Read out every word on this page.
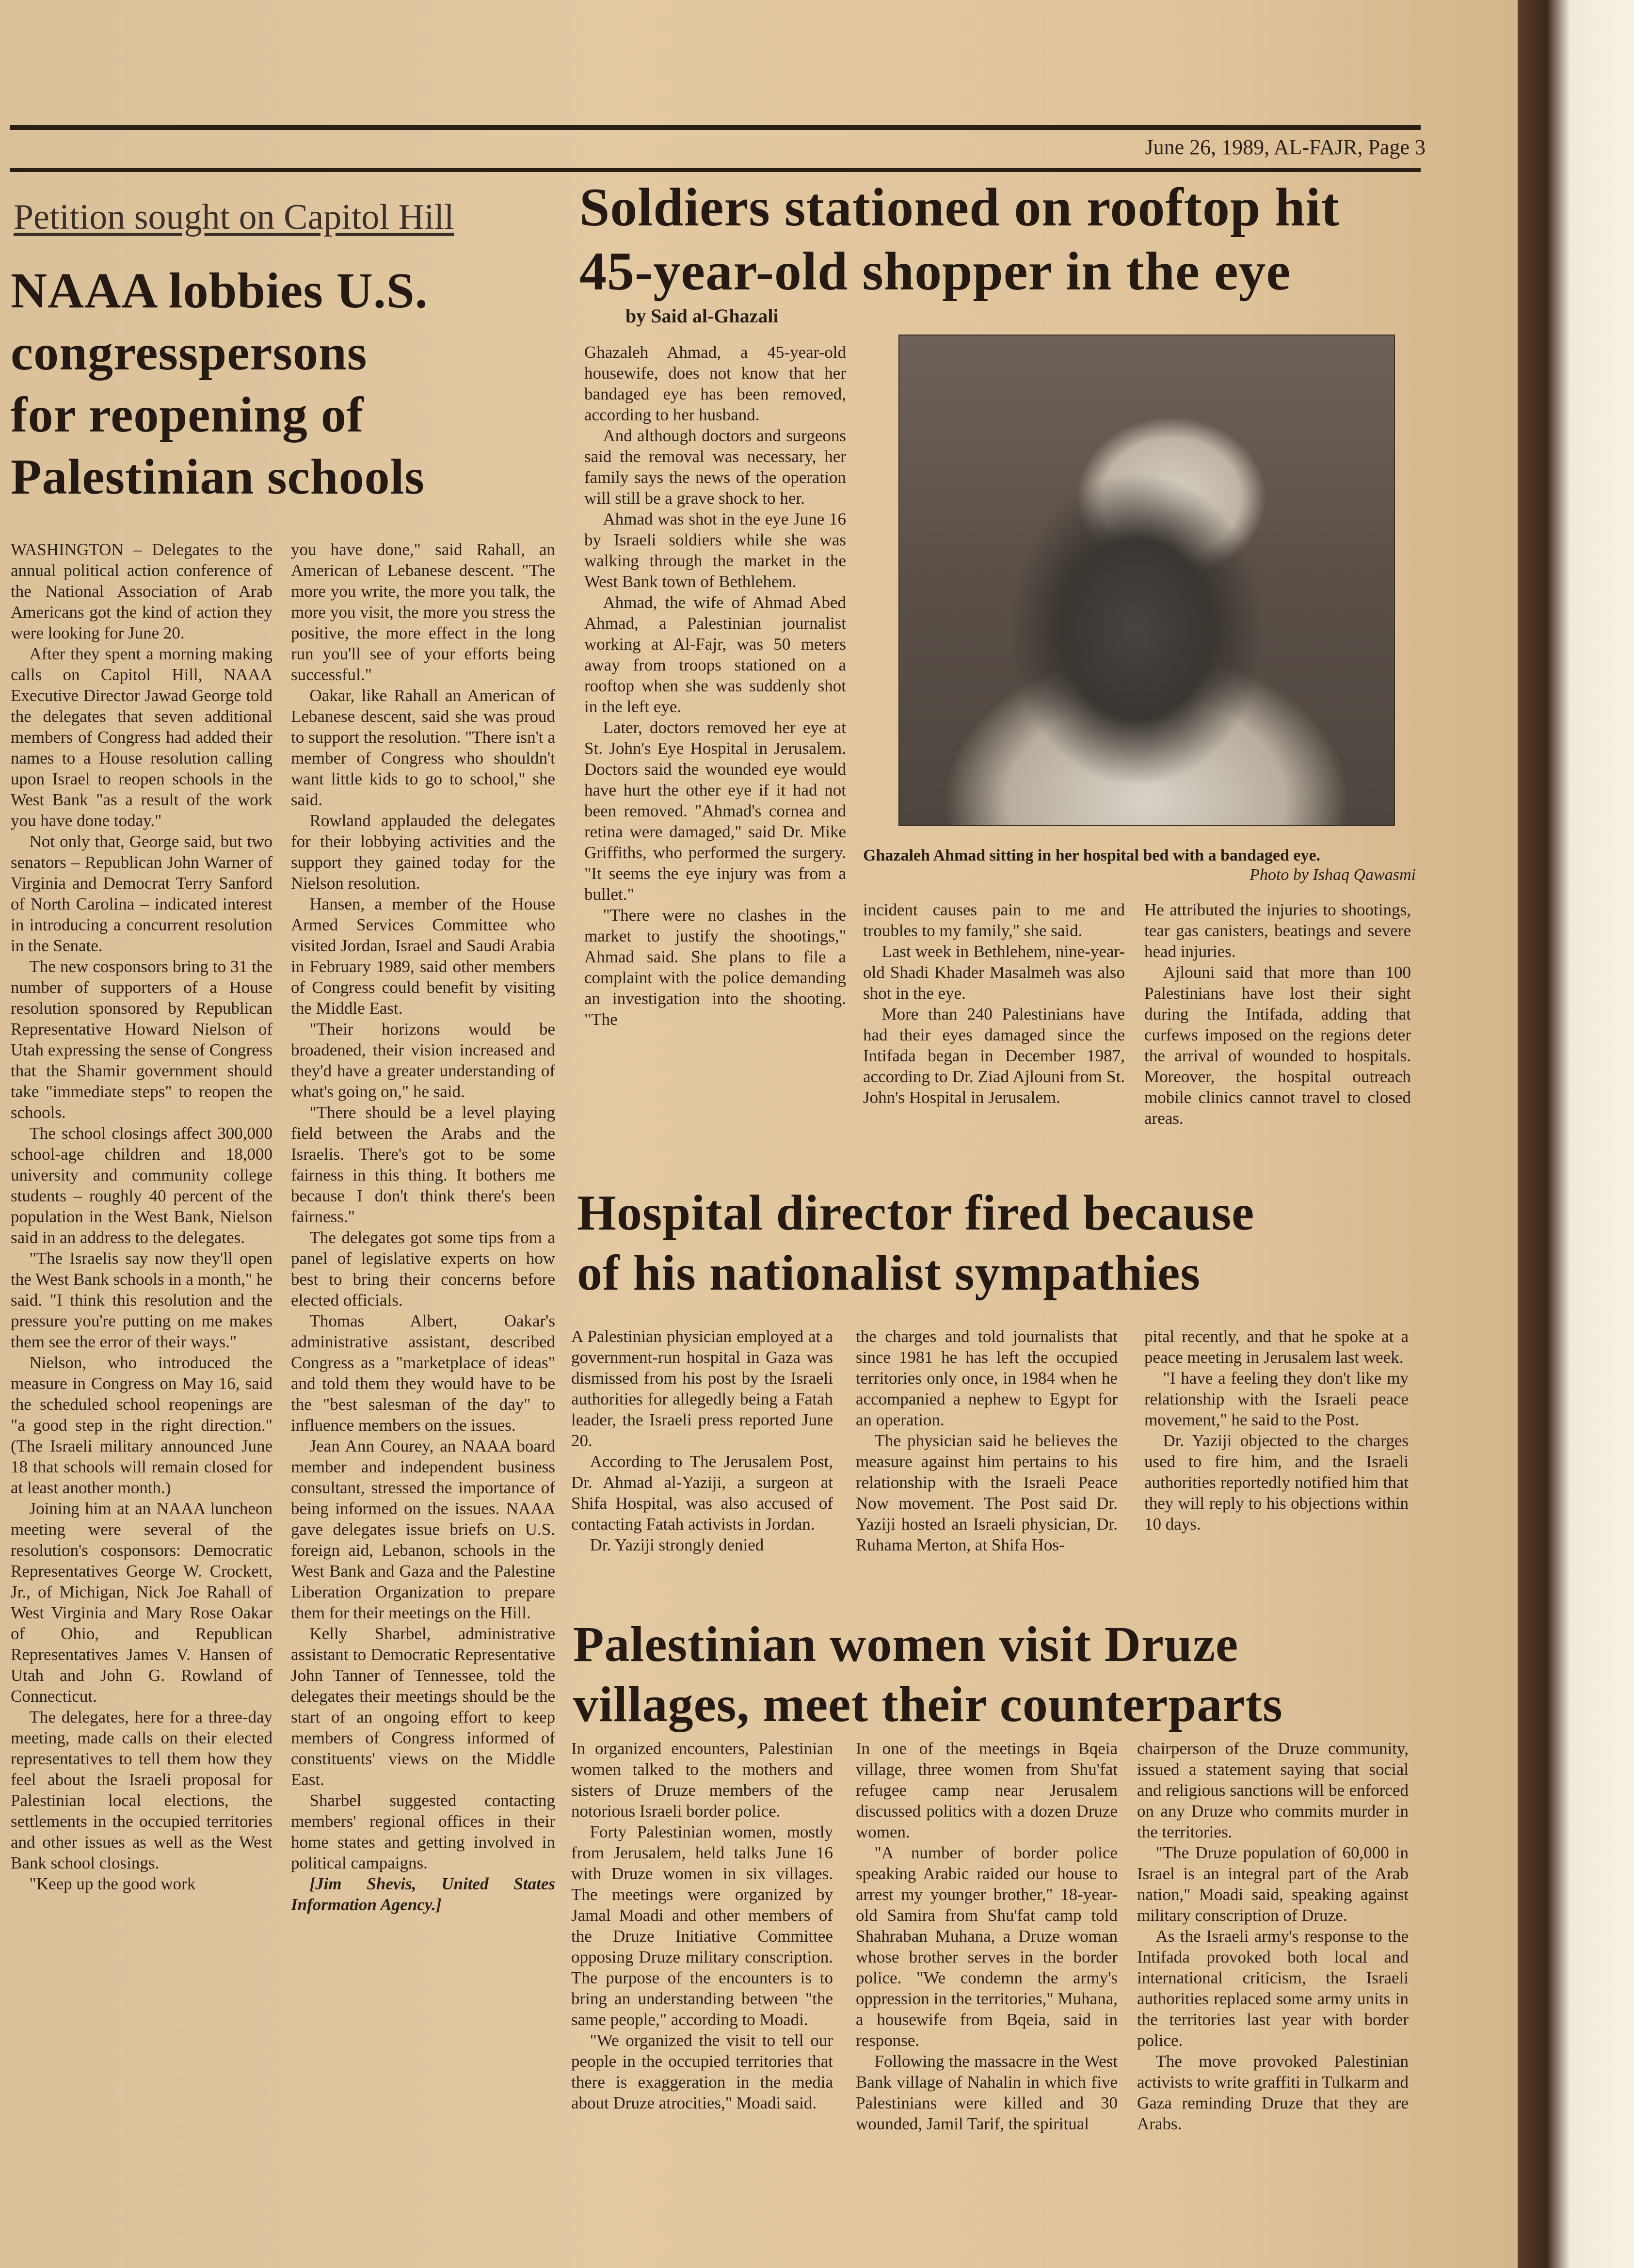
June 26, 1989, AL-FAJR, Page 3
Petition sought on Capitol Hill
NAAA lobbies U.S.
congresspersons
for reopening of
Palestinian schools

WASHINGTON – Delegates to the annual political action conference of the National Association of Arab Americans got the kind of action they were looking for June 20.

After they spent a morning making calls on Capitol Hill, NAAA Executive Director Jawad George told the delegates that seven additional members of Congress had added their names to a House resolution calling upon Israel to reopen schools in the West Bank "as a result of the work you have done today."

Not only that, George said, but two senators – Republican John Warner of Virginia and Democrat Terry Sanford of North Carolina – indicated interest in introducing a concurrent resolution in the Senate.

The new cosponsors bring to 31 the number of supporters of a House resolution sponsored by Republican Representative Howard Nielson of Utah expressing the sense of Congress that the Shamir government should take "immediate steps" to reopen the schools.

The school closings affect 300,000 school-age children and 18,000 university and community college students – roughly 40 percent of the population in the West Bank, Nielson said in an address to the delegates.

"The Israelis say now they'll open the West Bank schools in a month," he said. "I think this resolution and the pressure you're putting on me makes them see the error of their ways."

Nielson, who introduced the measure in Congress on May 16, said the scheduled school reopenings are "a good step in the right direction." (The Israeli military announced June 18 that schools will remain closed for at least another month.)

Joining him at an NAAA luncheon meeting were several of the resolution's cosponsors: Democratic Representatives George W. Crockett, Jr., of Michigan, Nick Joe Rahall of West Virginia and Mary Rose Oakar of Ohio, and Republican Representatives James V. Hansen of Utah and John G. Rowland of Connecticut.

The delegates, here for a three-day meeting, made calls on their elected representatives to tell them how they feel about the Israeli proposal for Palestinian local elections, the settlements in the occupied territories and other issues as well as the West Bank school closings.

"Keep up the good work

you have done," said Rahall, an American of Lebanese descent. "The more you write, the more you talk, the more you visit, the more you stress the positive, the more effect in the long run you'll see of your efforts being successful."

Oakar, like Rahall an American of Lebanese descent, said she was proud to support the resolution. "There isn't a member of Congress who shouldn't want little kids to go to school," she said.

Rowland applauded the delegates for their lobbying activities and the support they gained today for the Nielson resolution.

Hansen, a member of the House Armed Services Committee who visited Jordan, Israel and Saudi Arabia in February 1989, said other members of Congress could benefit by visiting the Middle East.

"Their horizons would be broadened, their vision increased and they'd have a greater understanding of what's going on," he said.

"There should be a level playing field between the Arabs and the Israelis. There's got to be some fairness in this thing. It bothers me because I don't think there's been fairness."

The delegates got some tips from a panel of legislative experts on how best to bring their concerns before elected officials.

Thomas Albert, Oakar's administrative assistant, described Congress as a "marketplace of ideas" and told them they would have to be the "best salesman of the day" to influence members on the issues.

Jean Ann Courey, an NAAA board member and independent business consultant, stressed the importance of being informed on the issues. NAAA gave delegates issue briefs on U.S. foreign aid, Lebanon, schools in the West Bank and Gaza and the Palestine Liberation Organization to prepare them for their meetings on the Hill.

Kelly Sharbel, administrative assistant to Democratic Representative John Tanner of Tennessee, told the delegates their meetings should be the start of an ongoing effort to keep members of Congress informed of constituents' views on the Middle East.

Sharbel suggested contacting members' regional offices in their home states and getting involved in political campaigns.

[Jim Shevis, United States Information Agency.]

Soldiers stationed on rooftop hit
45-year-old shopper in the eye
by Said al-Ghazali

Ghazaleh Ahmad, a 45-year-old housewife, does not know that her bandaged eye has been removed, according to her husband.

And although doctors and surgeons said the removal was necessary, her family says the news of the operation will still be a grave shock to her.

Ahmad was shot in the eye June 16 by Israeli soldiers while she was walking through the market in the West Bank town of Bethlehem.

Ahmad, the wife of Ahmad Abed Ahmad, a Palestinian journalist working at Al-Fajr, was 50 meters away from troops stationed on a rooftop when she was suddenly shot in the left eye.

Later, doctors removed her eye at St. John's Eye Hospital in Jerusalem. Doctors said the wounded eye would have hurt the other eye if it had not been removed. "Ahmad's cornea and retina were damaged," said Dr. Mike Griffiths, who performed the surgery. "It seems the eye injury was from a bullet."

"There were no clashes in the market to justify the shootings," Ahmad said. She plans to file a complaint with the police demanding an investigation into the shooting. "The

Ghazaleh Ahmad sitting in her hospital bed with a bandaged eye.
Photo by Ishaq Qawasmi

incident causes pain to me and troubles to my family," she said.

Last week in Bethlehem, nine-year-old Shadi Khader Masalmeh was also shot in the eye.

More than 240 Palestinians have had their eyes damaged since the Intifada began in December 1987, according to Dr. Ziad Ajlouni from St. John's Hospital in Jerusalem.

He attributed the injuries to shootings, tear gas canisters, beatings and severe head injuries.

Ajlouni said that more than 100 Palestinians have lost their sight during the Intifada, adding that curfews imposed on the regions deter the arrival of wounded to hospitals. Moreover, the hospital outreach mobile clinics cannot travel to closed areas.

Hospital director fired because
of his nationalist sympathies

A Palestinian physician employed at a government-run hospital in Gaza was dismissed from his post by the Israeli authorities for allegedly being a Fatah leader, the Israeli press reported June 20.

According to The Jerusalem Post, Dr. Ahmad al-Yaziji, a surgeon at Shifa Hospital, was also accused of contacting Fatah activists in Jordan.

Dr. Yaziji strongly denied

the charges and told journalists that since 1981 he has left the occupied territories only once, in 1984 when he accompanied a nephew to Egypt for an operation.

The physician said he believes the measure against him pertains to his relationship with the Israeli Peace Now movement. The Post said Dr. Yaziji hosted an Israeli physician, Dr. Ruhama Merton, at Shifa Hos-

pital recently, and that he spoke at a peace meeting in Jerusalem last week.

"I have a feeling they don't like my relationship with the Israeli peace movement," he said to the Post.

Dr. Yaziji objected to the charges used to fire him, and the Israeli authorities reportedly notified him that they will reply to his objections within 10 days.

Palestinian women visit Druze
villages, meet their counterparts

In organized encounters, Palestinian women talked to the mothers and sisters of Druze members of the notorious Israeli border police.

Forty Palestinian women, mostly from Jerusalem, held talks June 16 with Druze women in six villages. The meetings were organized by Jamal Moadi and other members of the Druze Initiative Committee opposing Druze military conscription. The purpose of the encounters is to bring an understanding between "the same people," according to Moadi.

"We organized the visit to tell our people in the occupied territories that there is exaggeration in the media about Druze atrocities," Moadi said.

In one of the meetings in Bqeia village, three women from Shu'fat refugee camp near Jerusalem discussed politics with a dozen Druze women.

"A number of border police speaking Arabic raided our house to arrest my younger brother," 18-year-old Samira from Shu'fat camp told Shahraban Muhana, a Druze woman whose brother serves in the border police. "We condemn the army's oppression in the territories," Muhana, a housewife from Bqeia, said in response.

Following the massacre in the West Bank village of Nahalin in which five Palestinians were killed and 30 wounded, Jamil Tarif, the spiritual

chairperson of the Druze community, issued a statement saying that social and religious sanctions will be enforced on any Druze who commits murder in the territories.

"The Druze population of 60,000 in Israel is an integral part of the Arab nation," Moadi said, speaking against military conscription of Druze.

As the Israeli army's response to the Intifada provoked both local and international criticism, the Israeli authorities replaced some army units in the territories last year with border police.

The move provoked Palestinian activists to write graffiti in Tulkarm and Gaza reminding Druze that they are Arabs.
